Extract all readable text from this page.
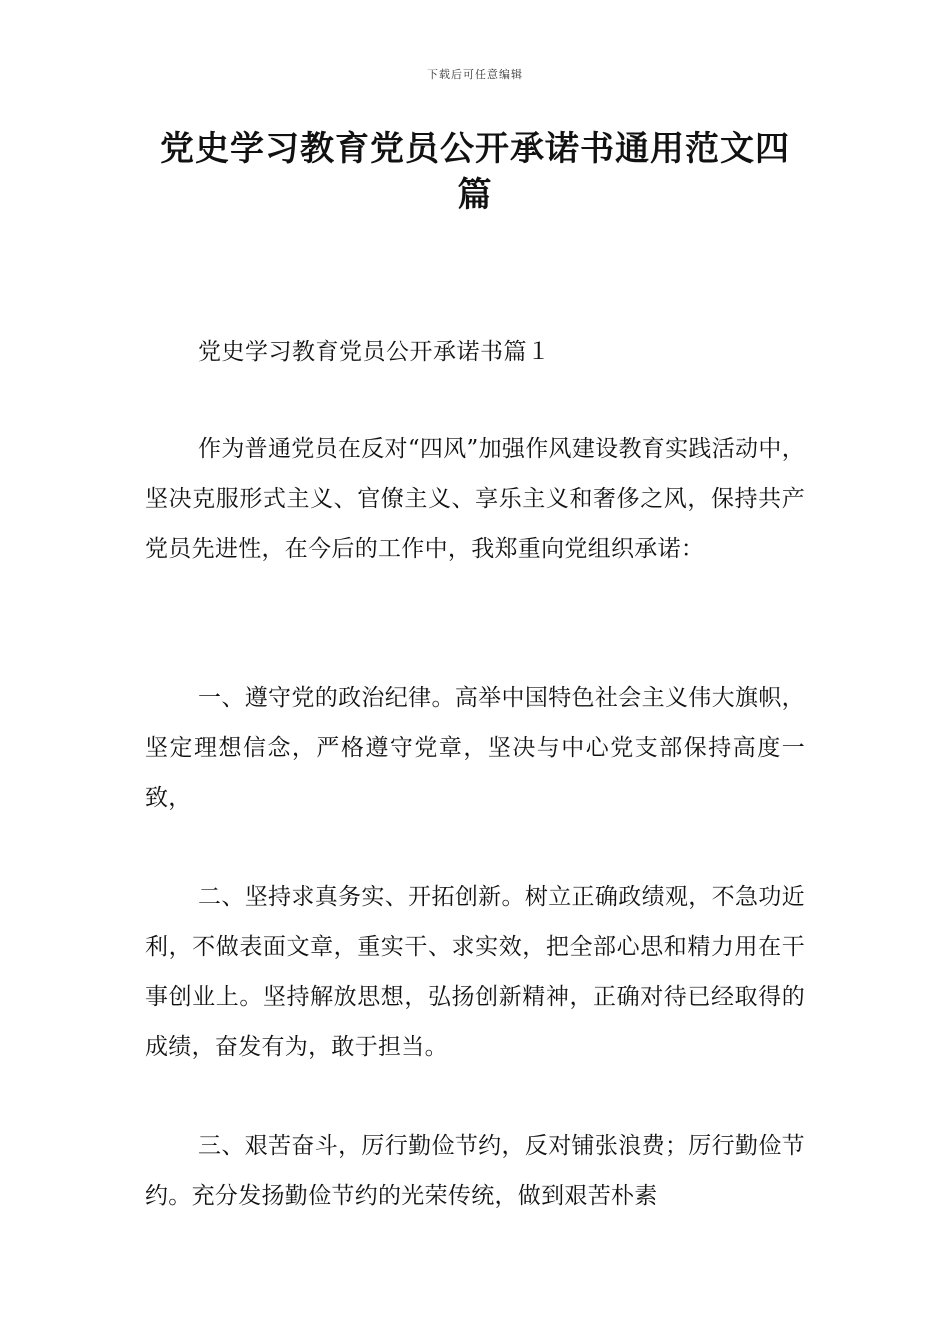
下载后可任意编辑
党史学习教育党员公开承诺书通用范文四篇
党史学习教育党员公开承诺书篇１

作为普通党员在反对“四风”加强作风建设教育实践活动中，坚决克服形式主义、官僚主义、享乐主义和奢侈之风，保持共产党员先进性，在今后的工作中，我郑重向党组织承诺：

一、遵守党的政治纪律。高举中国特色社会主义伟大旗帜，坚定理想信念，严格遵守党章，坚决与中心党支部保持高度一致，

二、坚持求真务实、开拓创新。树立正确政绩观，不急功近利，不做表面文章，重实干、求实效，把全部心思和精力用在干事创业上。坚持解放思想，弘扬创新精神，正确对待已经取得的成绩，奋发有为，敢于担当。

三、艰苦奋斗，厉行勤俭节约，反对铺张浪费；厉行勤俭节约。充分发扬勤俭节约的光荣传统，做到艰苦朴素
